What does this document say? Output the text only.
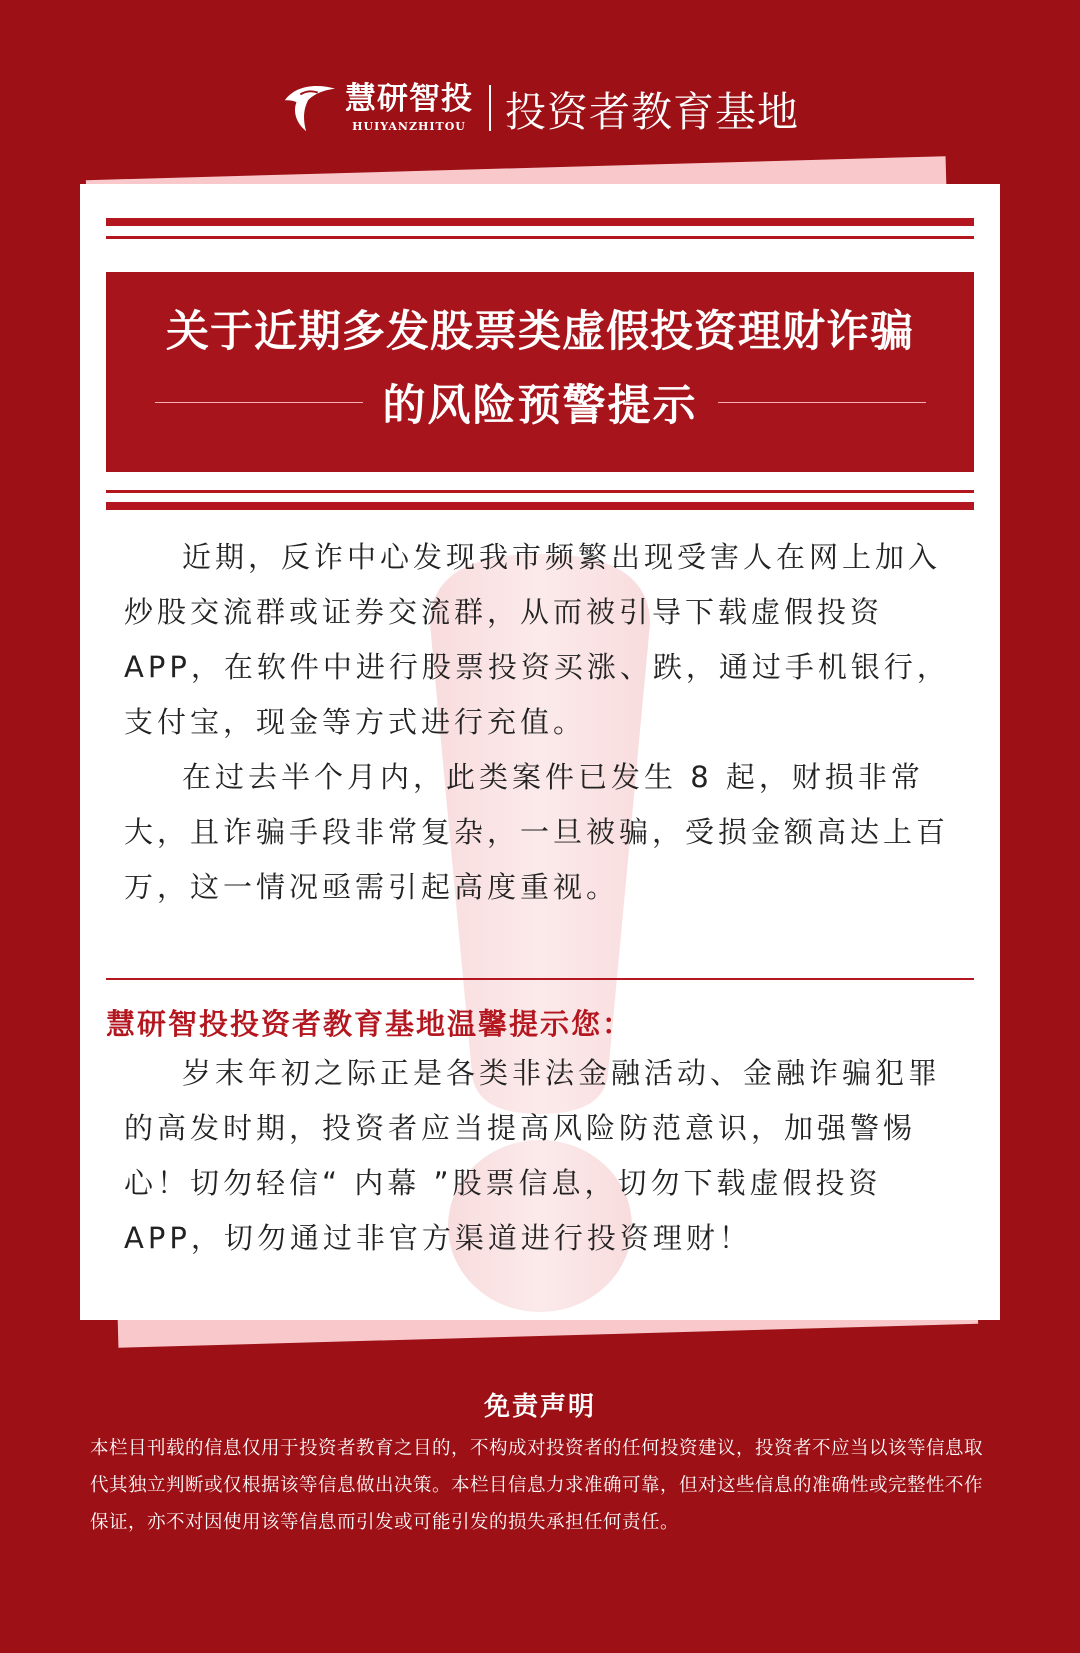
慧研智投
HUIYANZHITOU 投资者教育基地
关于近期多发股票类虚假投资理财诈骗
的风险预警提示

近期，反诈中心发现我市频繁出现受害人在网上加入炒股交流群或证券交流群，从而被引导下载虚假投资 APP，在软件中进行股票投资买涨、跌，通过手机银行，支付宝，现金等方式进行充值。

在过去半个月内，此类案件已发生 8 起，财损非常大，且诈骗手段非常复杂，一旦被骗，受损金额高达上百万，这一情况亟需引起高度重视。

慧研智投投资者教育基地温馨提示您：

岁末年初之际正是各类非法金融活动、金融诈骗犯罪的高发时期，投资者应当提高风险防范意识，加强警惕心！切勿轻信“ 内幕 ”股票信息，切勿下载虚假投资APP，切勿通过非官方渠道进行投资理财！

免责声明

本栏目刊载的信息仅用于投资者教育之目的，不构成对投资者的任何投资建议，投资者不应当以该等信息取代其独立判断或仅根据该等信息做出决策。本栏目信息力求准确可靠，但对这些信息的准确性或完整性不作保证，亦不对因使用该等信息而引发或可能引发的损失承担任何责任。
